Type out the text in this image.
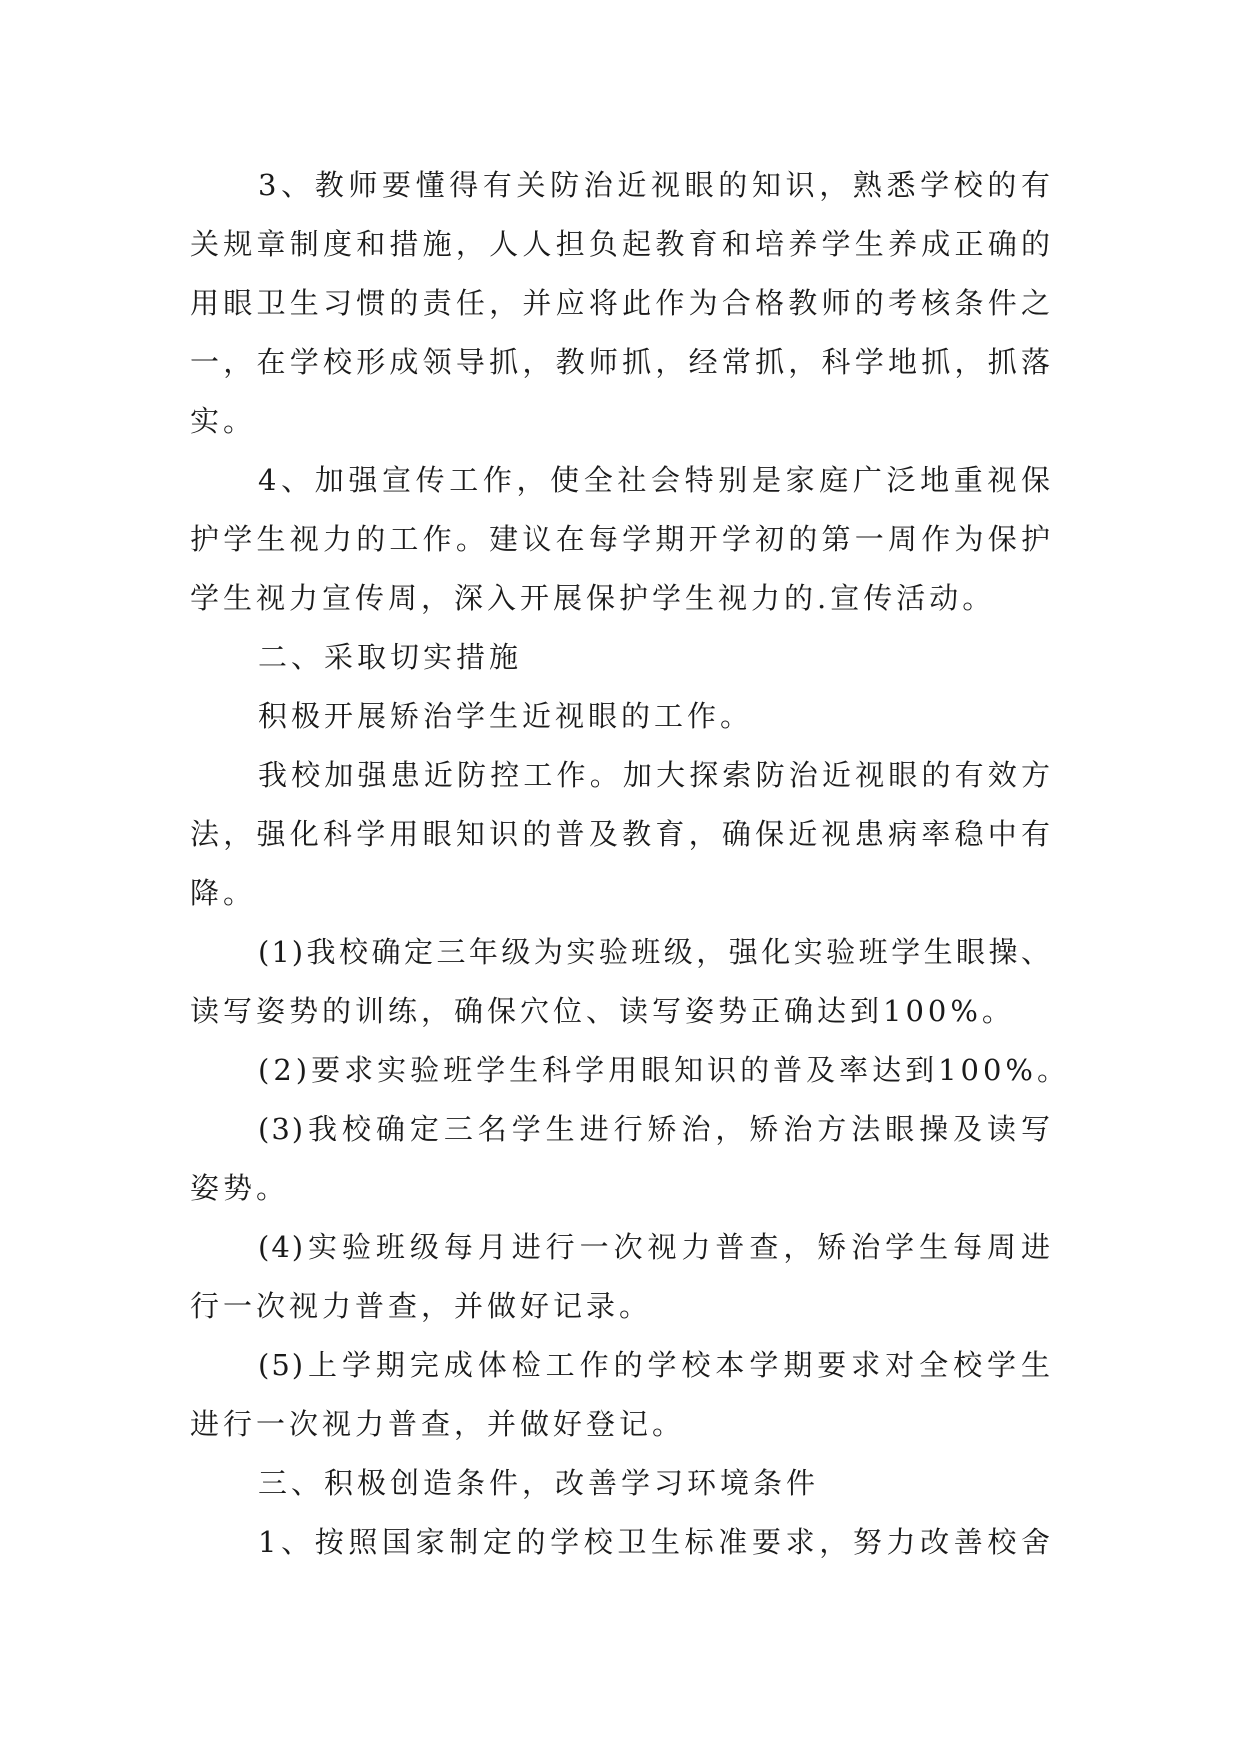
3、教师要懂得有关防治近视眼的知识，熟悉学校的有
关规章制度和措施，人人担负起教育和培养学生养成正确的
用眼卫生习惯的责任，并应将此作为合格教师的考核条件之
一，在学校形成领导抓，教师抓，经常抓，科学地抓，抓落
实。
4、加强宣传工作，使全社会特别是家庭广泛地重视保
护学生视力的工作。建议在每学期开学初的第一周作为保护
学生视力宣传周，深入开展保护学生视力的.宣传活动。
二、采取切实措施
积极开展矫治学生近视眼的工作。
我校加强患近防控工作。加大探索防治近视眼的有效方
法，强化科学用眼知识的普及教育，确保近视患病率稳中有
降。
(1)我校确定三年级为实验班级，强化实验班学生眼操、
读写姿势的训练，确保穴位、读写姿势正确达到100%。
(2)要求实验班学生科学用眼知识的普及率达到100%。
(3)我校确定三名学生进行矫治，矫治方法眼操及读写
姿势。
(4)实验班级每月进行一次视力普查，矫治学生每周进
行一次视力普查，并做好记录。
(5)上学期完成体检工作的学校本学期要求对全校学生
进行一次视力普查，并做好登记。
三、积极创造条件，改善学习环境条件
1、按照国家制定的学校卫生标准要求，努力改善校舍
